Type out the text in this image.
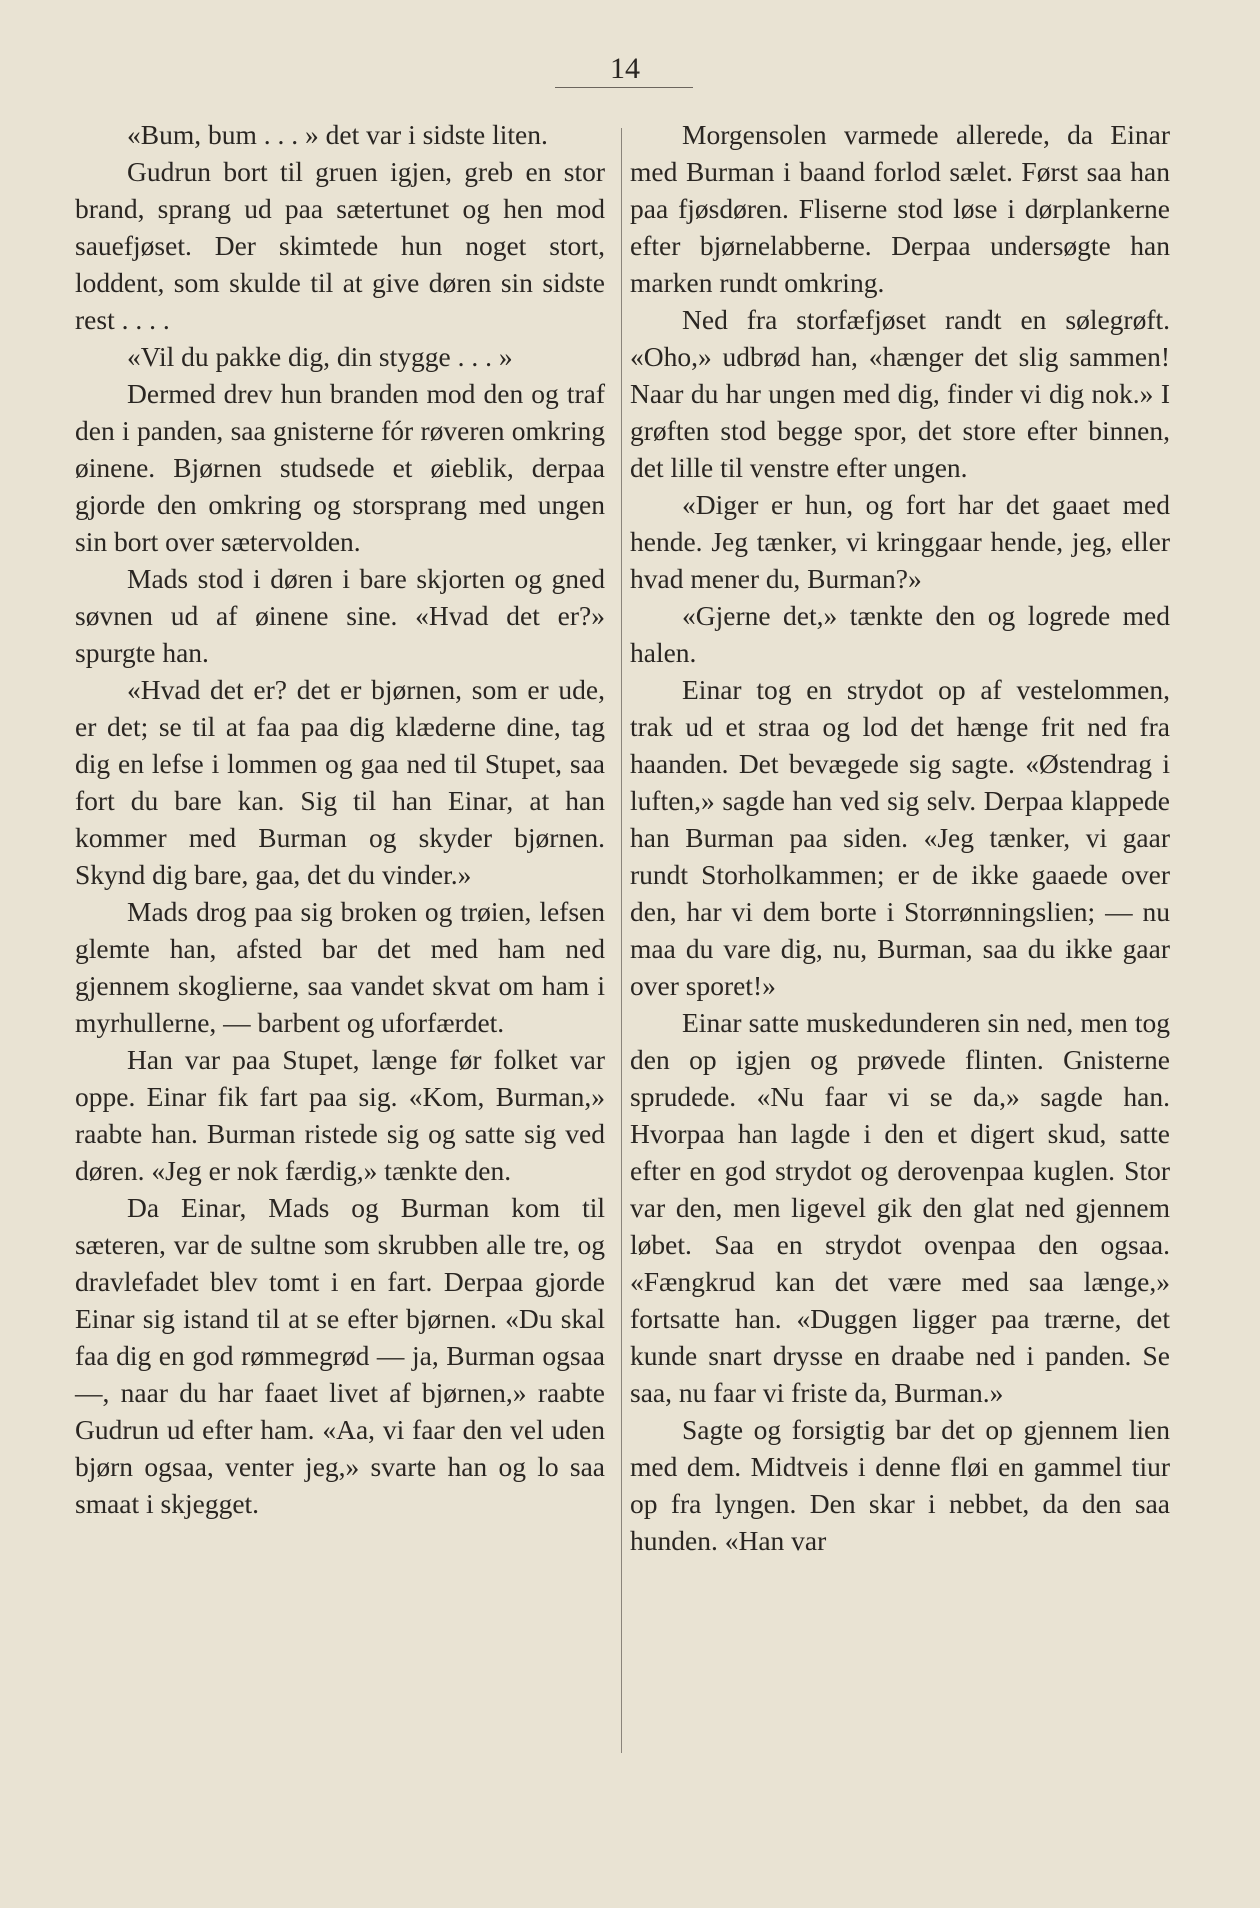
14

«Bum, bum . . . » det var i sidste liten.

Gudrun bort til gruen igjen, greb en stor brand, sprang ud paa sætertunet og hen mod sauefjøset. Der skimtede hun noget stort, loddent, som skulde til at give døren sin sidste rest . . . .

«Vil du pakke dig, din stygge . . . »

Dermed drev hun branden mod den og traf den i panden, saa gnisterne fór røveren omkring øinene. Bjørnen studsede et øieblik, derpaa gjorde den omkring og storsprang med ungen sin bort over sætervolden.

Mads stod i døren i bare skjorten og gned søvnen ud af øinene sine. «Hvad det er?» spurgte han.

«Hvad det er? det er bjørnen, som er ude, er det; se til at faa paa dig klæderne dine, tag dig en lefse i lommen og gaa ned til Stupet, saa fort du bare kan. Sig til han Einar, at han kommer med Burman og skyder bjørnen. Skynd dig bare, gaa, det du vinder.»

Mads drog paa sig broken og trøien, lefsen glemte han, afsted bar det med ham ned gjennem skoglierne, saa vandet skvat om ham i myrhullerne, — barbent og uforfærdet.

Han var paa Stupet, længe før folket var oppe. Einar fik fart paa sig. «Kom, Burman,» raabte han. Burman ristede sig og satte sig ved døren. «Jeg er nok færdig,» tænkte den.

Da Einar, Mads og Burman kom til sæteren, var de sultne som skrubben alle tre, og dravlefadet blev tomt i en fart. Derpaa gjorde Einar sig istand til at se efter bjørnen. «Du skal faa dig en god rømmegrød — ja, Burman ogsaa —, naar du har faaet livet af bjørnen,» raabte Gudrun ud efter ham. «Aa, vi faar den vel uden bjørn ogsaa, venter jeg,» svarte han og lo saa smaat i skjegget.

Morgensolen varmede allerede, da Einar med Burman i baand forlod sælet. Først saa han paa fjøsdøren. Fliserne stod løse i dørplankerne efter bjørnelabberne. Derpaa undersøgte han marken rundt omkring.

Ned fra storfæfjøset randt en sølegrøft. «Oho,» udbrød han, «hænger det slig sammen! Naar du har ungen med dig, finder vi dig nok.» I grøften stod begge spor, det store efter binnen, det lille til venstre efter ungen.

«Diger er hun, og fort har det gaaet med hende. Jeg tænker, vi kringgaar hende, jeg, eller hvad mener du, Burman?»

«Gjerne det,» tænkte den og logrede med halen.

Einar tog en strydot op af vestelommen, trak ud et straa og lod det hænge frit ned fra haanden. Det bevægede sig sagte. «Østendrag i luften,» sagde han ved sig selv. Derpaa klappede han Burman paa siden. «Jeg tænker, vi gaar rundt Storholkammen; er de ikke gaaede over den, har vi dem borte i Storrønningslien; — nu maa du vare dig, nu, Burman, saa du ikke gaar over sporet!»

Einar satte muskedunderen sin ned, men tog den op igjen og prøvede flinten. Gnisterne sprudede. «Nu faar vi se da,» sagde han. Hvorpaa han lagde i den et digert skud, satte efter en god strydot og derovenpaa kuglen. Stor var den, men ligevel gik den glat ned gjennem løbet. Saa en strydot ovenpaa den ogsaa. «Fængkrud kan det være med saa længe,» fortsatte han. «Duggen ligger paa trærne, det kunde snart drysse en draabe ned i panden. Se saa, nu faar vi friste da, Burman.»

Sagte og forsigtig bar det op gjennem lien med dem. Midtveis i denne fløi en gammel tiur op fra lyngen. Den skar i nebbet, da den saa hunden. «Han var
